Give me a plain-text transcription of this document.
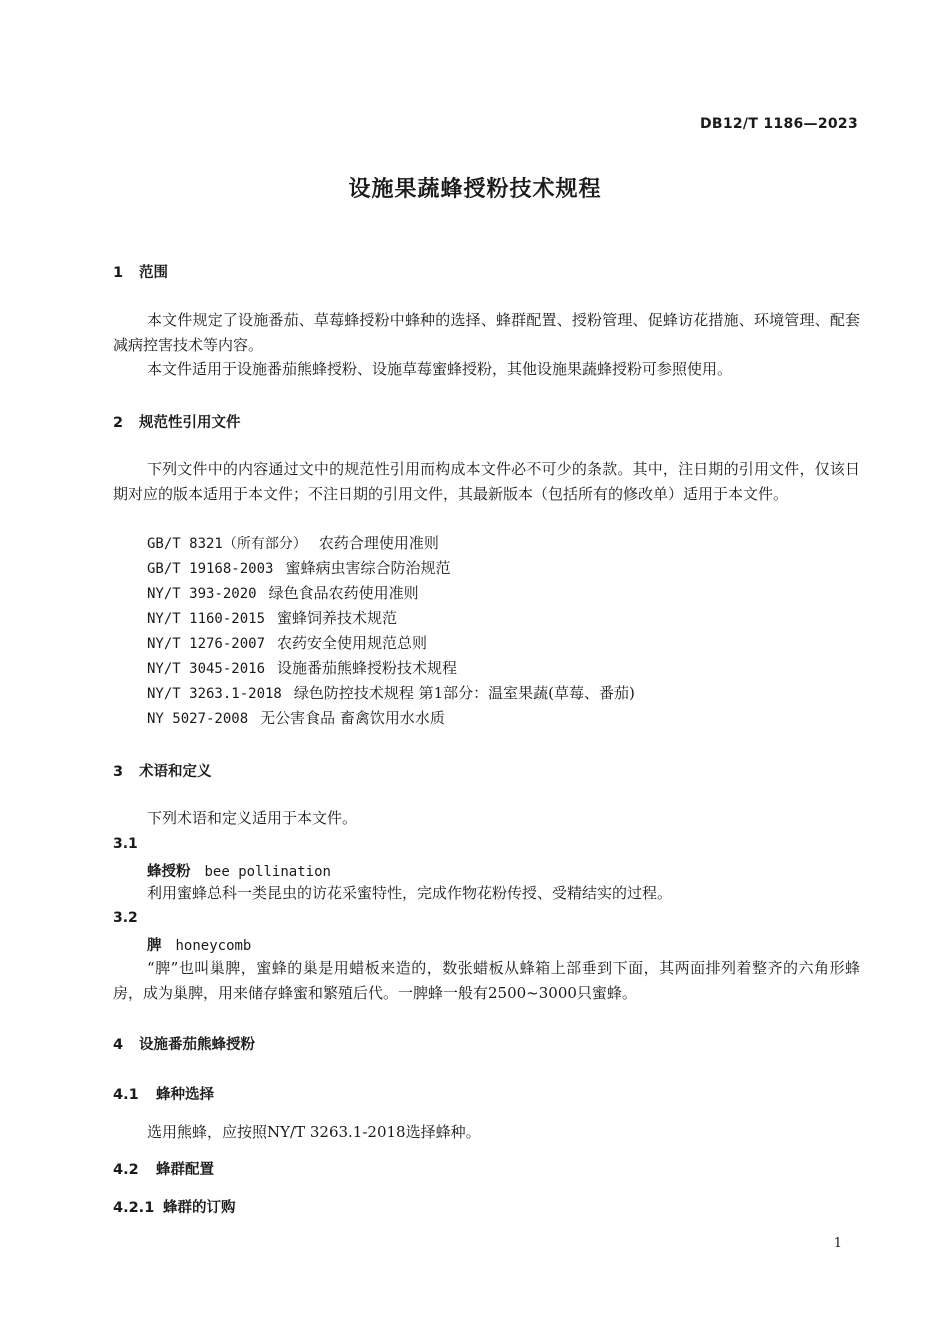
DB12/T 1186—2023
设施果蔬蜂授粉技术规程
1 范围
本文件规定了设施番茄、草莓蜂授粉中蜂种的选择、蜂群配置、授粉管理、促蜂访花措施、环境管理、配套减病控害技术等内容。
本文件适用于设施番茄熊蜂授粉、设施草莓蜜蜂授粉，其他设施果蔬蜂授粉可参照使用。
2 规范性引用文件
下列文件中的内容通过文中的规范性引用而构成本文件必不可少的条款。其中，注日期的引用文件，仅该日期对应的版本适用于本文件；不注日期的引用文件，其最新版本（包括所有的修改单）适用于本文件。
GB/T 8321（所有部分） 农药合理使用准则
GB/T 19168-2003 蜜蜂病虫害综合防治规范
NY/T 393-2020 绿色食品农药使用准则
NY/T 1160-2015 蜜蜂饲养技术规范
NY/T 1276-2007 农药安全使用规范总则
NY/T 3045-2016 设施番茄熊蜂授粉技术规程
NY/T 3263.1-2018 绿色防控技术规程 第1部分：温室果蔬(草莓、番茄)
NY 5027-2008 无公害食品 畜禽饮用水水质
3 术语和定义
下列术语和定义适用于本文件。
3.1
蜂授粉 bee pollination
利用蜜蜂总科一类昆虫的访花采蜜特性，完成作物花粉传授、受精结实的过程。
3.2
脾 honeycomb
“脾”也叫巢脾，蜜蜂的巢是用蜡板来造的，数张蜡板从蜂箱上部垂到下面，其两面排列着整齐的六角形蜂房，成为巢脾，用来储存蜂蜜和繁殖后代。一脾蜂一般有2500~3000只蜜蜂。
4 设施番茄熊蜂授粉
4.1 蜂种选择
选用熊蜂，应按照NY/T 3263.1-2018选择蜂种。
4.2 蜂群配置
4.2.1 蜂群的订购
1
